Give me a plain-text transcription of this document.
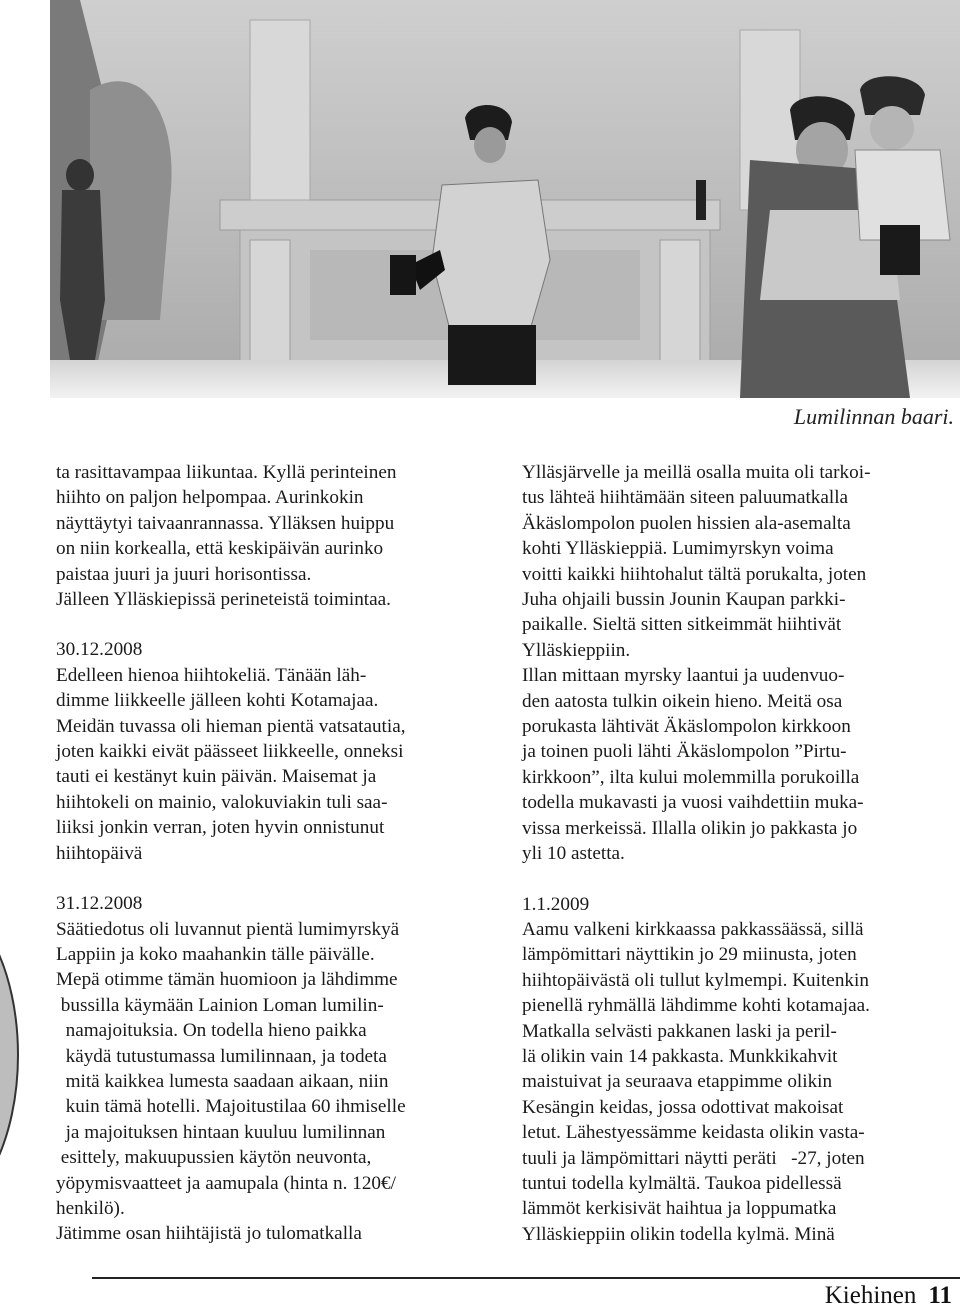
Lumilinnan baari.

ta rasittavampaa liikuntaa. Kyllä perinteinen

hiihto on paljon helpompaa. Aurinkokin

näyttäytyi taivaanrannassa. Ylläksen huippu

on niin korkealla, että keskipäivän aurinko

paistaa juuri ja juuri horisontissa.

Jälleen Ylläskiepissä perineteistä toimintaa.

30.12.2008

Edelleen hienoa hiihtokeliä. Tänään läh-

dimme liikkeelle jälleen kohti Kotamajaa.

Meidän tuvassa oli hieman pientä vatsatautia,

joten kaikki eivät päässeet liikkeelle, onneksi

tauti ei kestänyt kuin päivän. Maisemat ja

hiihtokeli on mainio, valokuviakin tuli saa-

liiksi jonkin verran, joten hyvin onnistunut

hiihtopäivä

31.12.2008

Säätiedotus oli luvannut pientä lumimyrskyä

Lappiin ja koko maahankin tälle päivälle.

Mepä otimme tämän huomioon ja lähdimme

bussilla käymään Lainion Loman lumilin-

namajoituksia. On todella hieno paikka

käydä tutustumassa lumilinnaan, ja todeta

mitä kaikkea lumesta saadaan aikaan, niin

kuin tämä hotelli. Majoitustilaa 60 ihmiselle

ja majoituksen hintaan kuuluu lumilinnan

esittely, makuupussien käytön neuvonta,

yöpymisvaatteet ja aamupala (hinta n. 120€/

henkilö).

Jätimme osan hiihtäjistä jo tulomatkalla

Ylläsjärvelle ja meillä osalla muita oli tarkoi-

tus lähteä hiihtämään siteen paluumatkalla

Äkäslompolon puolen hissien ala-asemalta

kohti Ylläskieppiä. Lumimyrskyn voima

voitti kaikki hiihtohalut tältä porukalta, joten

Juha ohjaili bussin Jounin Kaupan parkki-

paikalle. Sieltä sitten sitkeimmät hiihtivät

Ylläskieppiin.

Illan mittaan myrsky laantui ja uudenvuo-

den aatosta tulkin oikein hieno. Meitä osa

porukasta lähtivät Äkäslompolon kirkkoon

ja toinen puoli lähti Äkäslompolon ”Pirtu-

kirkkoon”, ilta kului molemmilla porukoilla

todella mukavasti ja vuosi vaihdettiin muka-

vissa merkeissä. Illalla olikin jo pakkasta jo

yli 10 astetta.

1.1.2009

Aamu valkeni kirkkaassa pakkassäässä, sillä

lämpömittari näyttikin jo 29 miinusta, joten

hiihtopäivästä oli tullut kylmempi. Kuitenkin

pienellä ryhmällä lähdimme kohti kotamajaa.

Matkalla selvästi pakkanen laski ja peril-

lä olikin vain 14 pakkasta. Munkkikahvit

maistuivat ja seuraava etappimme olikin

Kesängin keidas, jossa odottivat makoisat

letut. Lähestyessämme keidasta olikin vasta-

tuuli ja lämpömittari näytti peräti   -27, joten

tuntui todella kylmältä. Taukoa pidellessä

lämmöt kerkisivät haihtua ja loppumatka

Ylläskieppiin olikin todella kylmä. Minä

Kiehinen 11
